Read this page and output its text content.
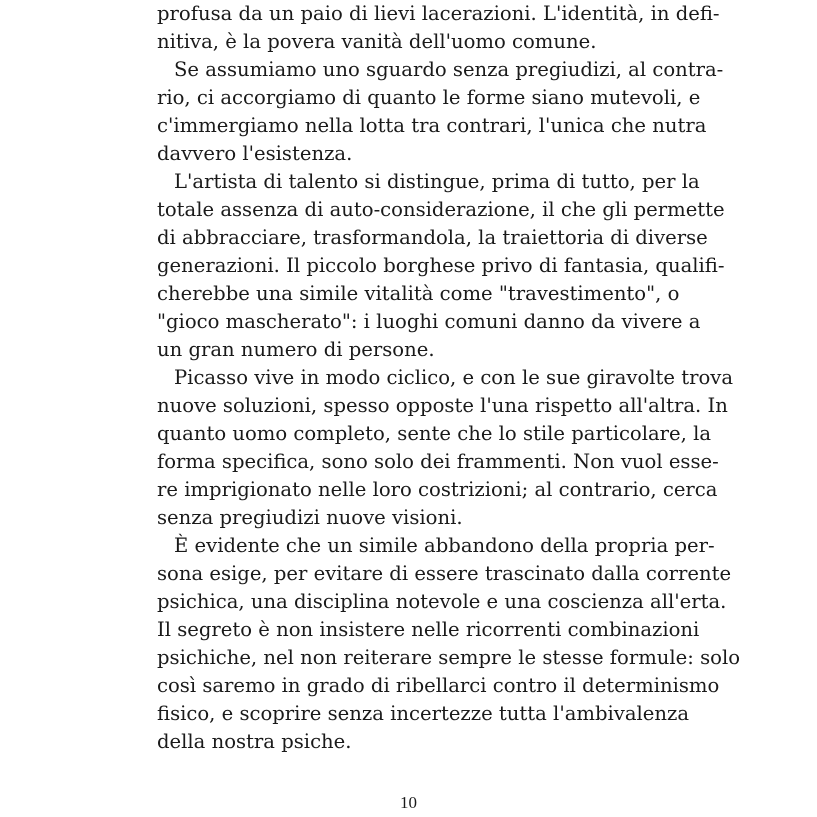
profusa da un paio di lievi lacerazioni. L'identità, in defi-
nitiva, è la povera vanità dell'uomo comune.
Se assumiamo uno sguardo senza pregiudizi, al contra-
rio, ci accorgiamo di quanto le forme siano mutevoli, e
c'immergiamo nella lotta tra contrari, l'unica che nutra
davvero l'esistenza.
L'artista di talento si distingue, prima di tutto, per la
totale assenza di auto-considerazione, il che gli permette
di abbracciare, trasformandola, la traiettoria di diverse
generazioni. Il piccolo borghese privo di fantasia, qualifi-
cherebbe una simile vitalità come "travestimento", o
"gioco mascherato": i luoghi comuni danno da vivere a
un gran numero di persone.
Picasso vive in modo ciclico, e con le sue giravolte trova
nuove soluzioni, spesso opposte l'una rispetto all'altra. In
quanto uomo completo, sente che lo stile particolare, la
forma specifica, sono solo dei frammenti. Non vuol esse-
re imprigionato nelle loro costrizioni; al contrario, cerca
senza pregiudizi nuove visioni.
È evidente che un simile abbandono della propria per-
sona esige, per evitare di essere trascinato dalla corrente
psichica, una disciplina notevole e una coscienza all'erta.
Il segreto è non insistere nelle ricorrenti combinazioni
psichiche, nel non reiterare sempre le stesse formule: solo
così saremo in grado di ribellarci contro il determinismo
fisico, e scoprire senza incertezze tutta l'ambivalenza
della nostra psiche.
10
